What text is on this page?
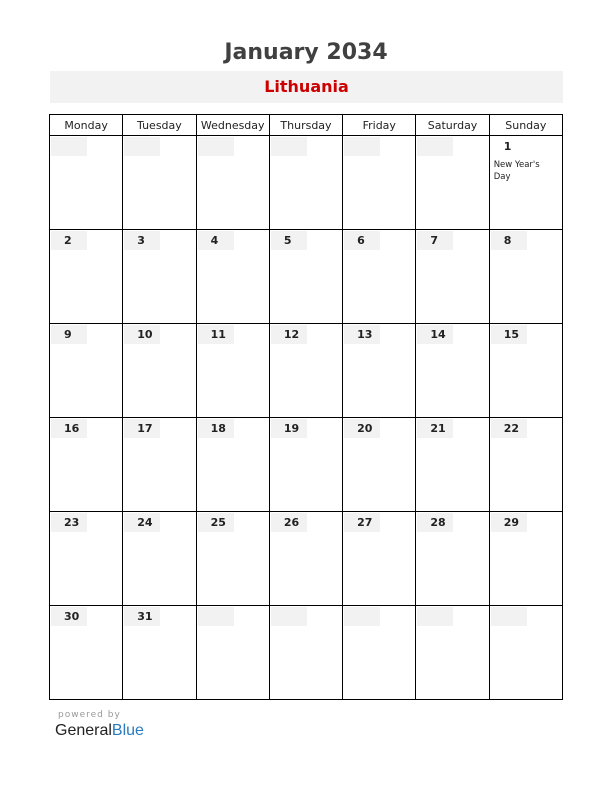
January 2034
Lithuania
Monday	Tuesday	Wednesday	Thursday	Friday	Saturday	Sunday

						1
New Year's Day

2	3	4	5	6	7	8

9	10	11	12	13	14	15

16	17	18	19	20	21	22

23	24	25	26	27	28	29

30	31					

powered by
GeneralBlue
